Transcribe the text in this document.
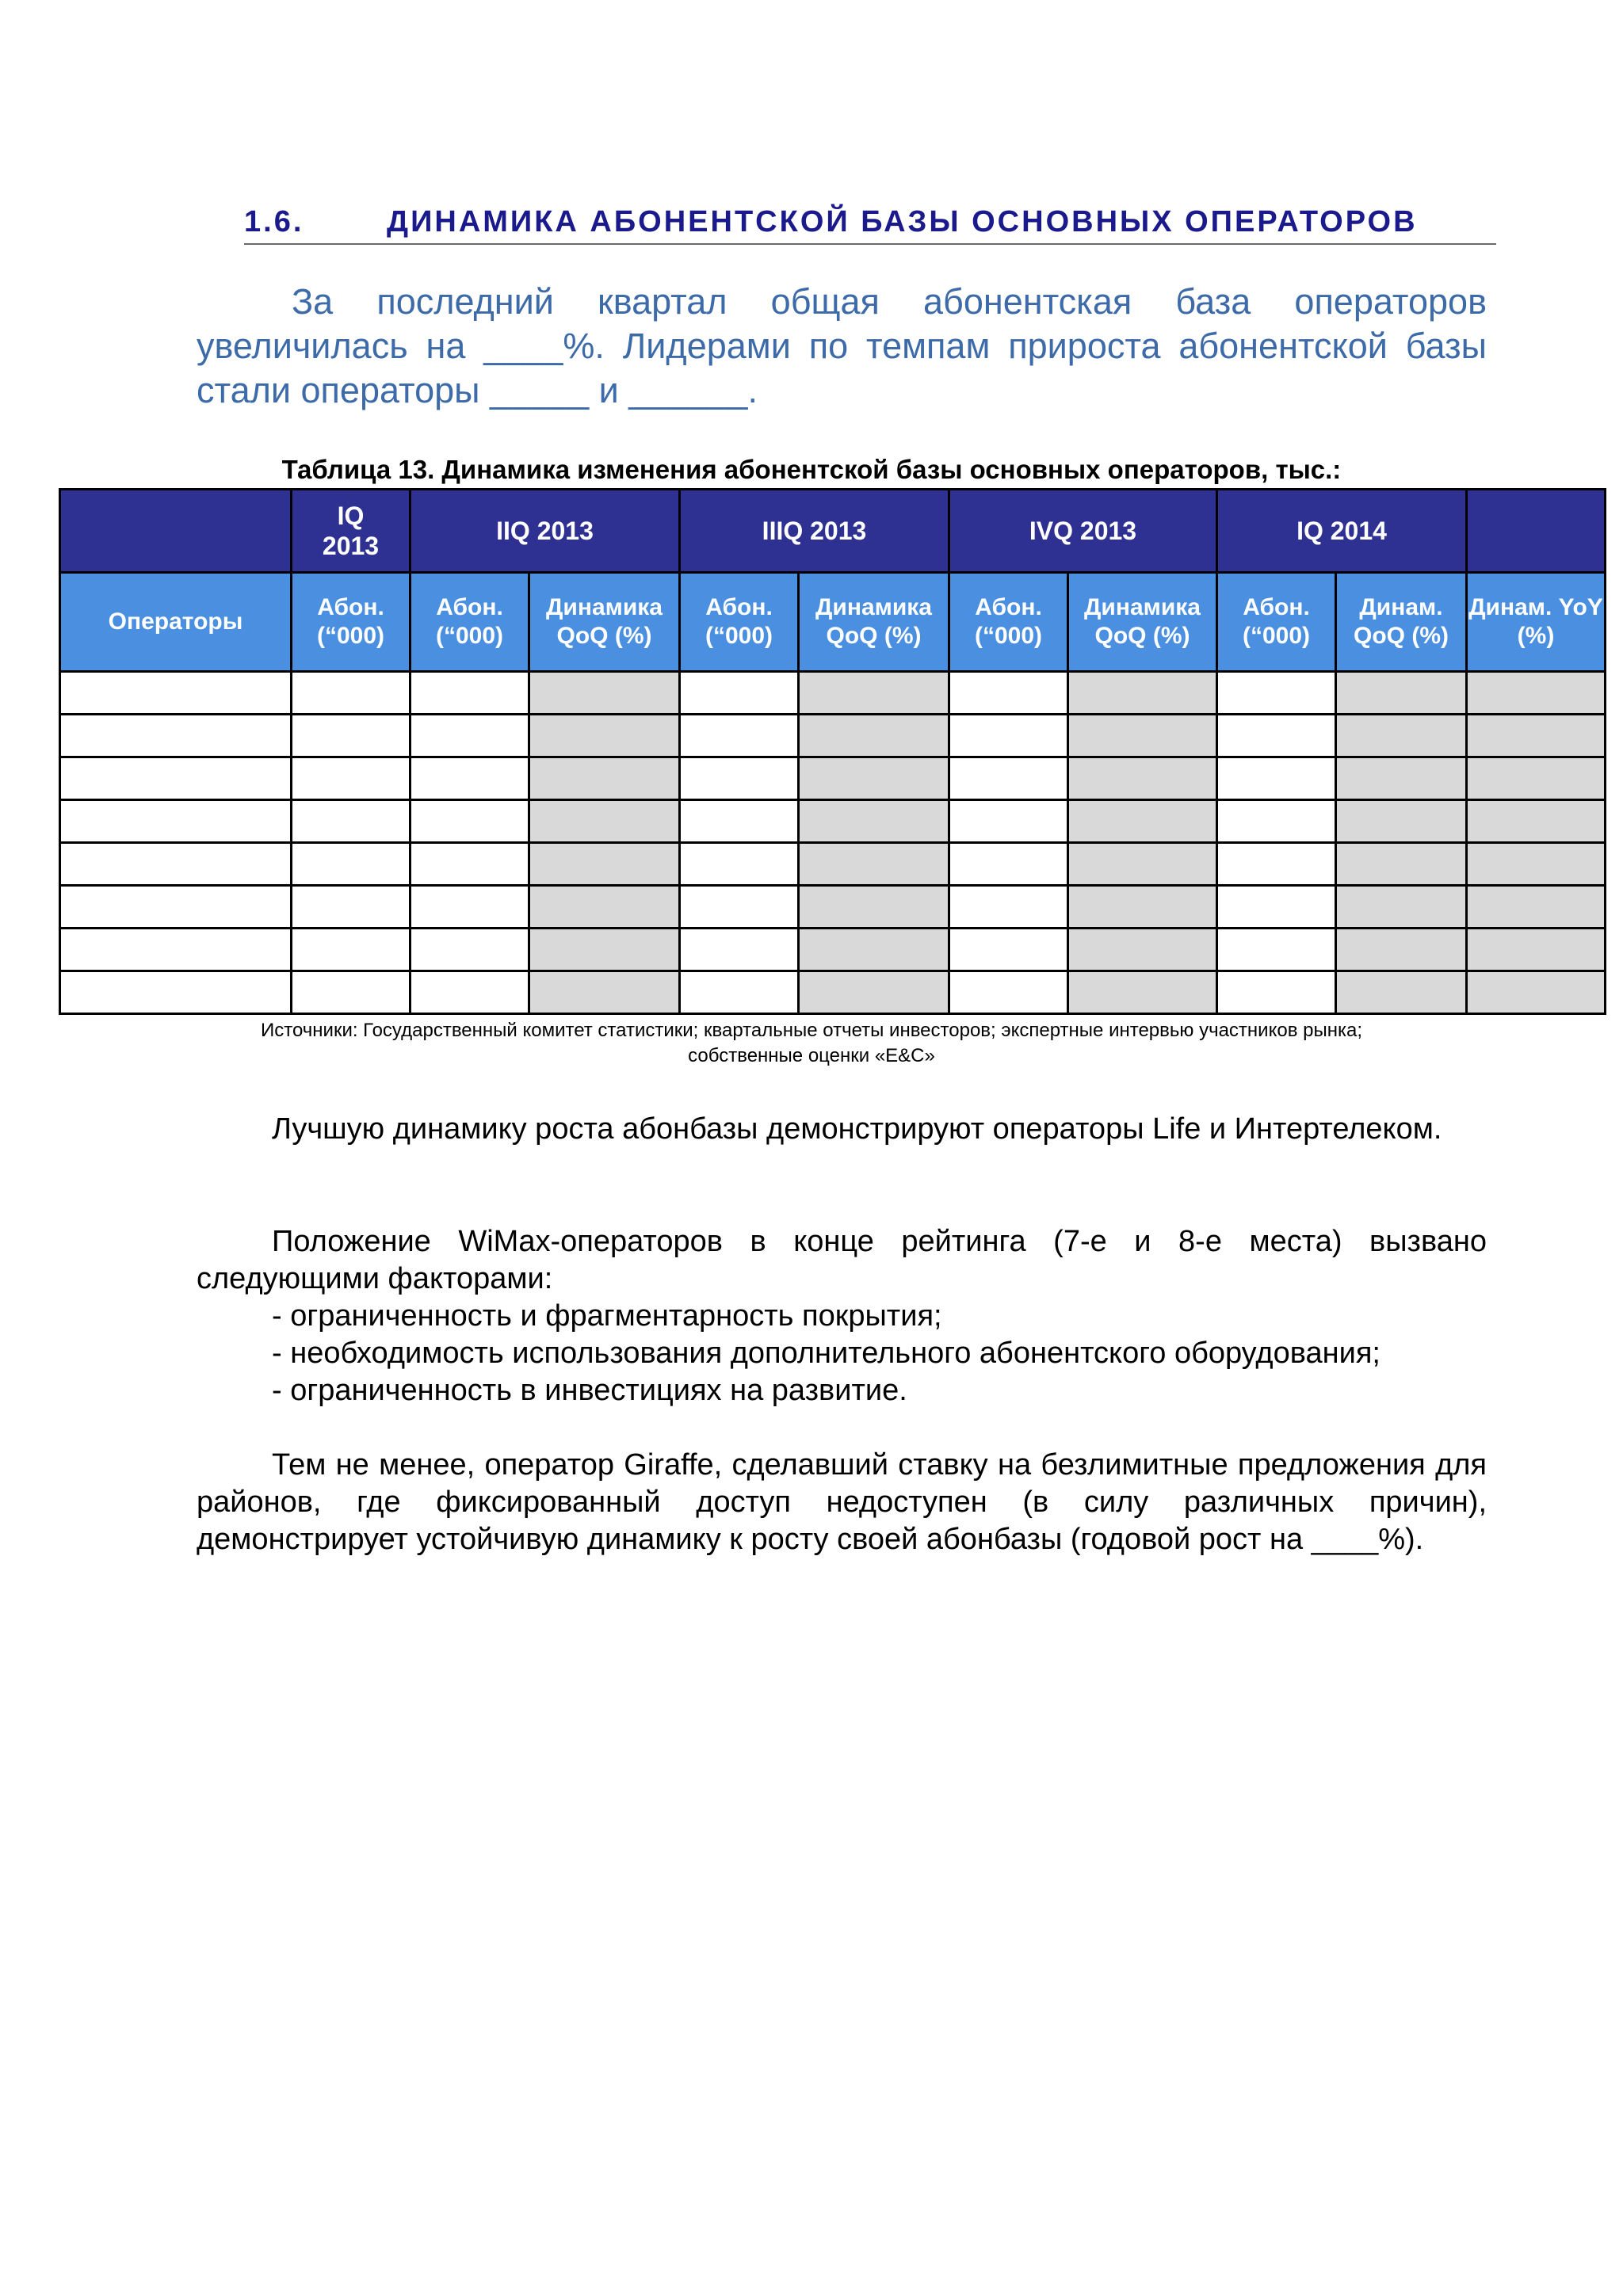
1.6.	ДИНАМИКА АБОНЕНТСКОЙ БАЗЫ ОСНОВНЫХ ОПЕРАТОРОВ
За последний квартал общая абонентская база операторов увеличилась на ____%. Лидерами по темпам прироста абонентской базы стали операторы _____ и ______.
Таблица 13. Динамика изменения абонентской базы основных операторов, тыс.:
	IQ 2013	IIQ 2013		IIIQ 2013		IVQ 2013		IQ 2014		
Операторы	Абон. (“000)	Абон. (“000)	Динамика QoQ (%)	Абон. (“000)	Динамика QoQ (%)	Абон. (“000)	Динамика QoQ (%)	Абон. (“000)	Динам. QoQ (%)	Динам. YoY (%)

Источники: Государственный комитет статистики; квартальные отчеты инвесторов; экспертные интервью участников рынка;
собственные оценки «E&C»
Лучшую динамику роста абонбазы демонстрируют операторы Life и Интертелеком.
Положение WiMax-операторов в конце рейтинга (7-е и 8-е места) вызвано следующими факторами:
- ограниченность и фрагментарность покрытия;
- необходимость использования дополнительного абонентского оборудования;
- ограниченность в инвестициях на развитие.
Тем не менее, оператор Giraffe, сделавший ставку на безлимитные предложения для районов, где фиксированный доступ недоступен (в силу различных причин), демонстрирует устойчивую динамику к росту своей абонбазы (годовой рост на ____%).
